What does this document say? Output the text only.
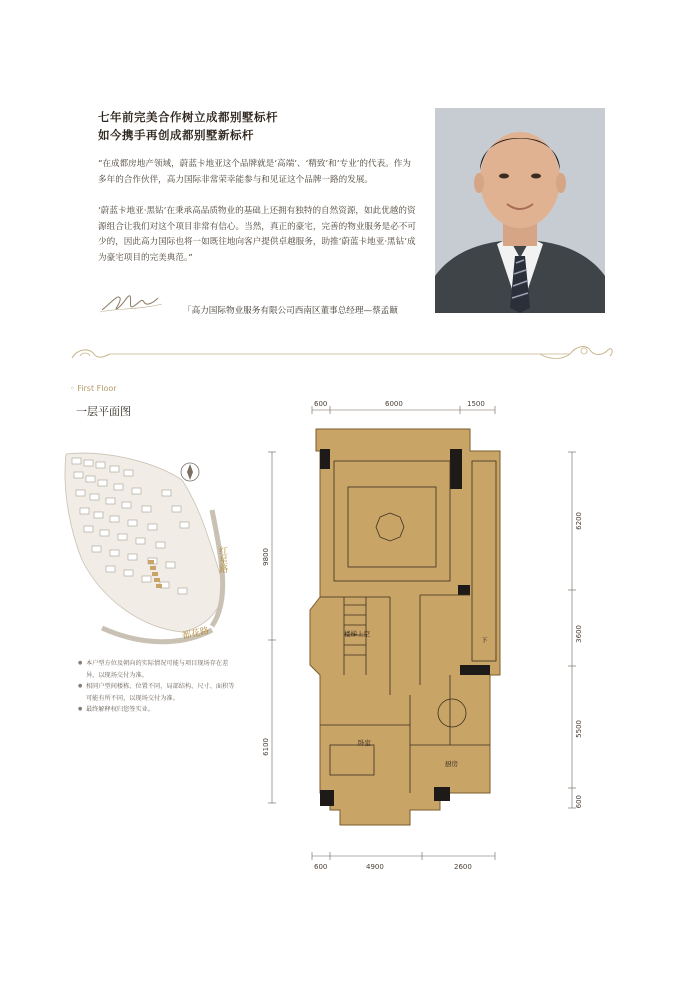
七年前完美合作树立成都别墅标杆
如今携手再创成都别墅新标杆
“在成都房地产领域，蔚蓝卡地亚这个品牌就是‘高端’、‘精致’和‘专业’的代表。作为多年的合作伙伴，高力国际非常荣幸能参与和见证这个品牌一路的发展。
‘蔚蓝卡地亚·黑钻’在秉承高品质物业的基础上还拥有独特的自然资源，如此优越的资源组合让我们对这个项目非常有信心。当然，真正的豪宅，完善的物业服务是必不可少的，因此高力国际也将一如既往地向客户提供卓越服务，助推‘蔚蓝卡地亚·黑钻’成为豪宅项目的完美典范。”
「高力国际物业服务有限公司西南区董事总经理—蔡孟颐
◦ First Floor
一层平面图
红星路
都花路
● 本户型方位及朝向的实际情况可能与项目现场存在差异，以现场交付为准。
● 相同户型间楼栋、位置不同，局部结构、尺寸、面积等可能有所不同，以现场交付为准。
● 最终解释权归您签实业。
楼梯上空
下
卧室
厨房
600	6000	1500
600	4900	2600
9800
6100
6200
3600
5500
600
